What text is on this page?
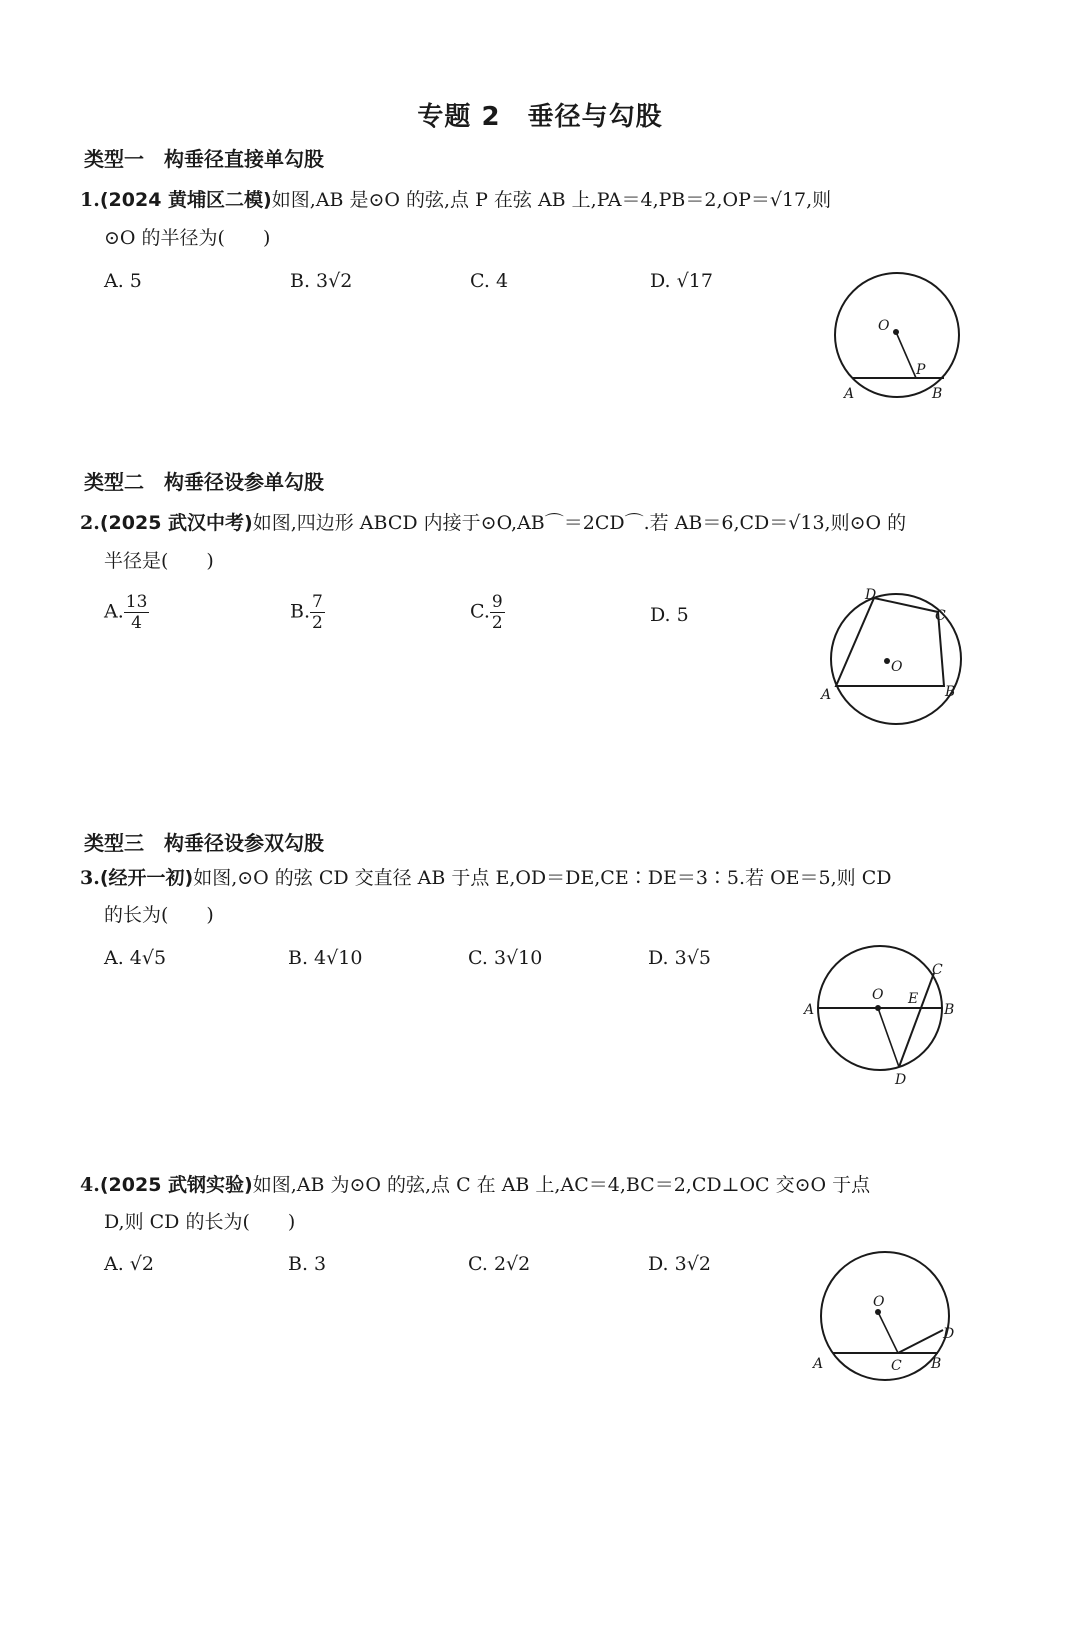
专题 2　垂径与勾股
类型一　构垂径直接单勾股
1.(2024 黄埔区二模)如图,AB 是⊙O 的弦,点 P 在弦 AB 上,PA＝4,PB＝2,OP＝√17,则
⊙O 的半径为(　　)
A. 5	B. 3√2	C. 4	D. √17
O
P
A	B
类型二　构垂径设参单勾股
2.(2025 武汉中考)如图,四边形 ABCD 内接于⊙O,AB⌒＝2CD⌒.若 AB＝6,CD＝√13,则⊙O 的
半径是(　　)
A. $\frac{13}{4}$	B. $\frac{7}{2}$	C. $\frac{9}{2}$	D. 5
D
C
O
A	B
类型三　构垂径设参双勾股
3.(经开一初)如图,⊙O 的弦 CD 交直径 AB 于点 E,OD＝DE,CE∶DE＝3∶5.若 OE＝5,则 CD
的长为(　　)
A. 4√5	B. 4√10	C. 3√10	D. 3√5
C
O E
A	B
D
4.(2025 武钢实验)如图,AB 为⊙O 的弦,点 C 在 AB 上,AC＝4,BC＝2,CD⊥OC 交⊙O 于点
D,则 CD 的长为(　　)
A. √2	B. 3	C. 2√2	D. 3√2
O
D
A	C B
